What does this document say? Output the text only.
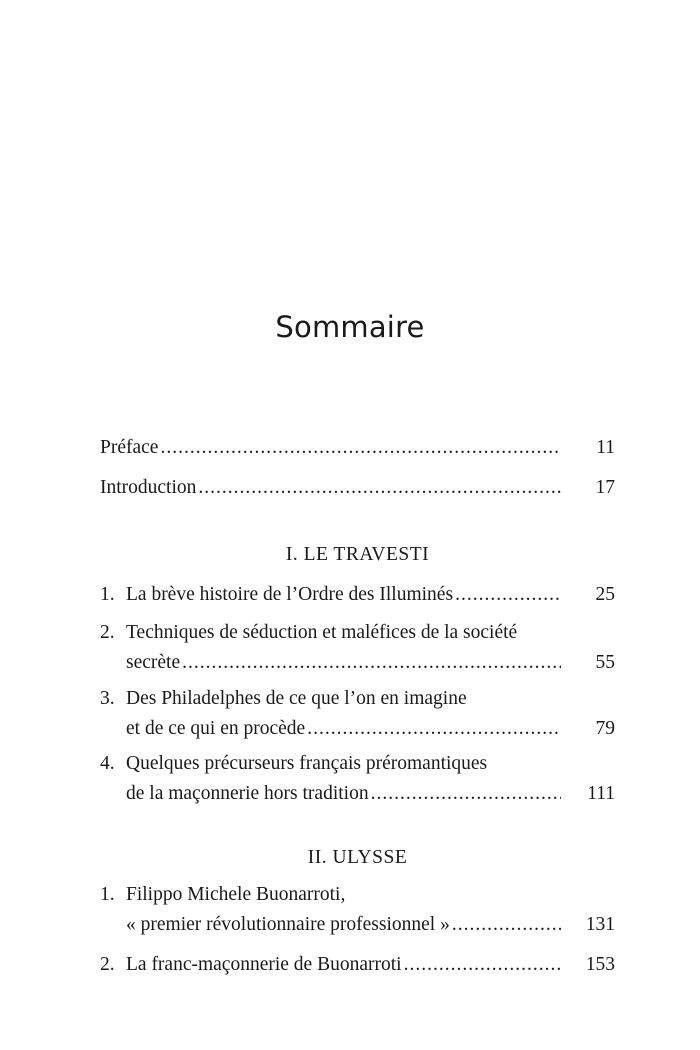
Sommaire
Préface .....	11
Introduction .....	17
I. LE TRAVESTI
1. La brève histoire de l’Ordre des Illuminés .....	25
2. Techniques de séduction et maléfices de la société
secrète .....	55
3. Des Philadelphes de ce que l’on en imagine
et de ce qui en procède .....	79
4. Quelques précurseurs français préromantiques
de la maçonnerie hors tradition .....	111
II. ULYSSE
1. Filippo Michele Buonarroti,
« premier révolutionnaire professionnel » .....	131
2. La franc-maçonnerie de Buonarroti .....	153
